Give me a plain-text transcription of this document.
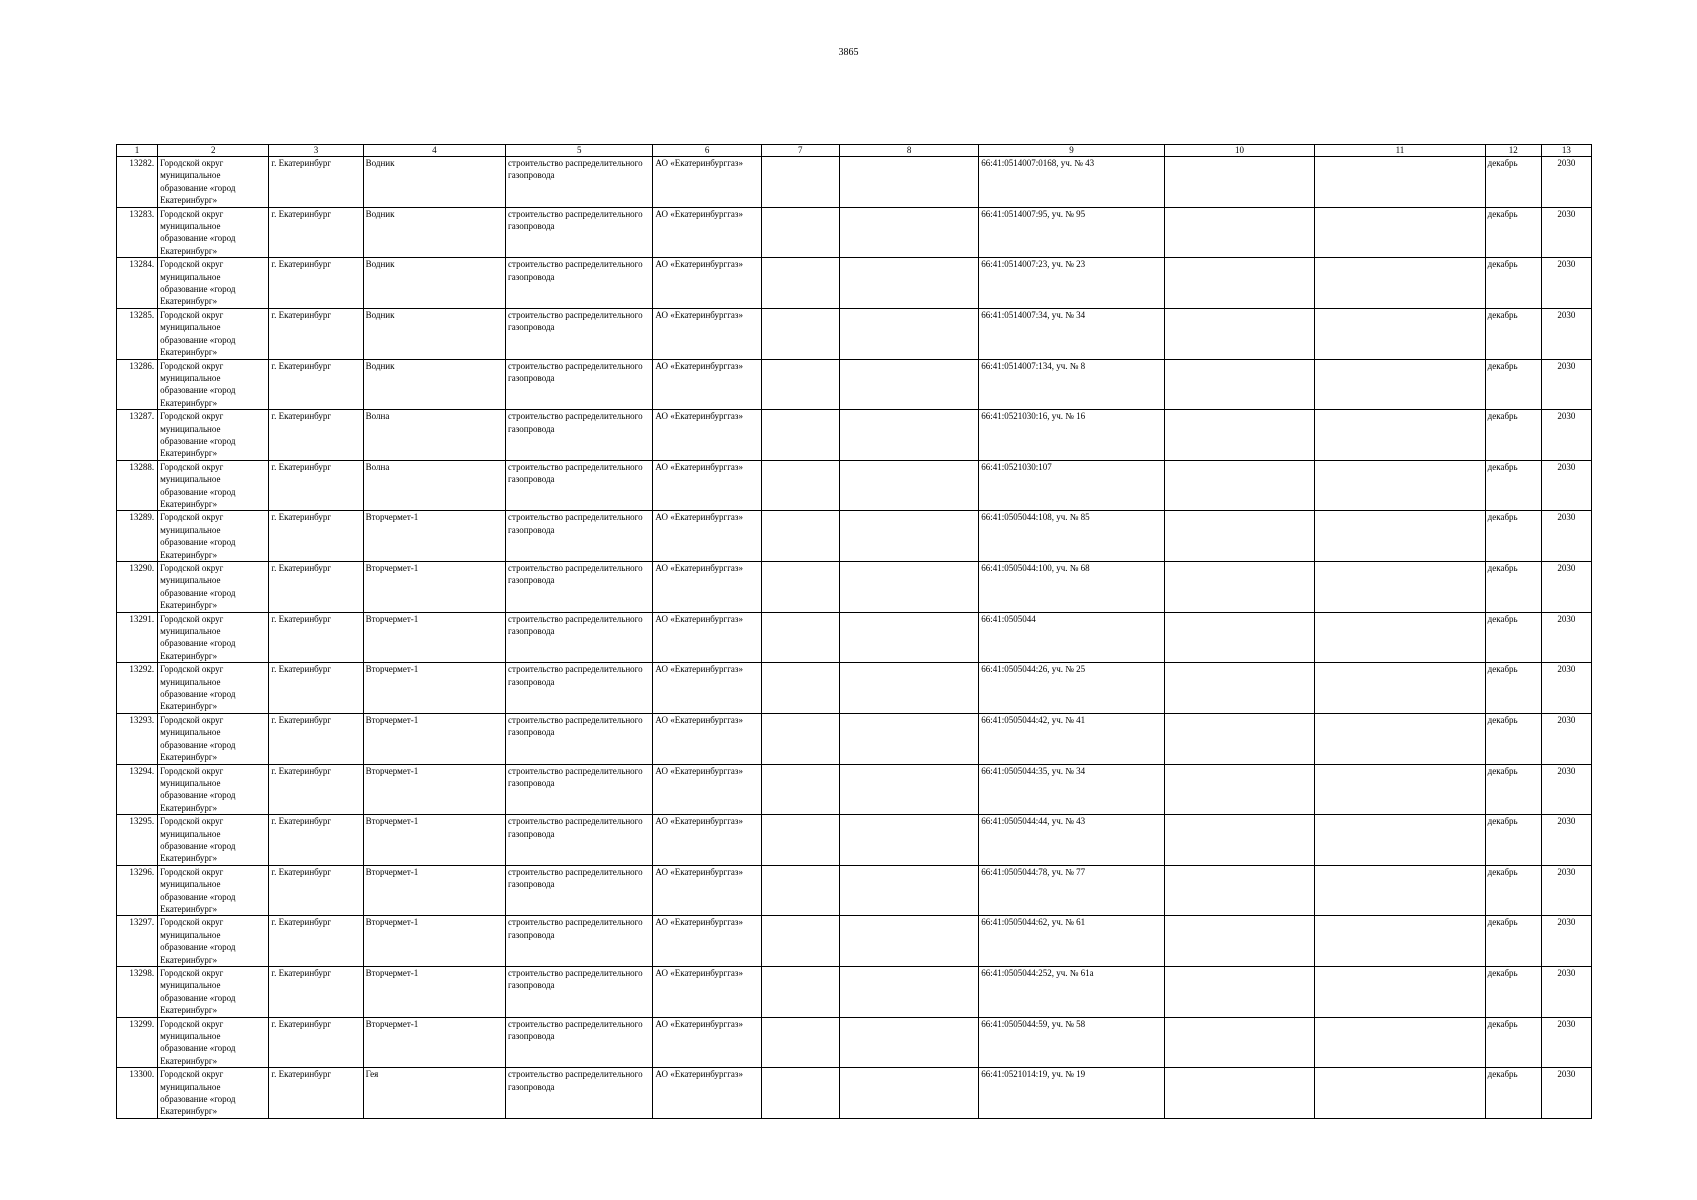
3865
1	2	3	4	5	6	7	8	9	10	11	12	13
13282.	Городской округ муниципальное образование «город Екатеринбург»	г. Екатеринбург	Водник	строительство распределительного газопровода	АО «Екатеринбурггаз»			66:41:0514007:0168, уч. № 43			декабрь	2030
13283.	Городской округ муниципальное образование «город Екатеринбург»	г. Екатеринбург	Водник	строительство распределительного газопровода	АО «Екатеринбурггаз»			66:41:0514007:95, уч. № 95			декабрь	2030
13284.	Городской округ муниципальное образование «город Екатеринбург»	г. Екатеринбург	Водник	строительство распределительного газопровода	АО «Екатеринбурггаз»			66:41:0514007:23, уч. № 23			декабрь	2030
13285.	Городской округ муниципальное образование «город Екатеринбург»	г. Екатеринбург	Водник	строительство распределительного газопровода	АО «Екатеринбурггаз»			66:41:0514007:34, уч. № 34			декабрь	2030
13286.	Городской округ муниципальное образование «город Екатеринбург»	г. Екатеринбург	Водник	строительство распределительного газопровода	АО «Екатеринбурггаз»			66:41:0514007:134, уч. № 8			декабрь	2030
13287.	Городской округ муниципальное образование «город Екатеринбург»	г. Екатеринбург	Волна	строительство распределительного газопровода	АО «Екатеринбурггаз»			66:41:0521030:16, уч. № 16			декабрь	2030
13288.	Городской округ муниципальное образование «город Екатеринбург»	г. Екатеринбург	Волна	строительство распределительного газопровода	АО «Екатеринбурггаз»			66:41:0521030:107			декабрь	2030
13289.	Городской округ муниципальное образование «город Екатеринбург»	г. Екатеринбург	Вторчермет-1	строительство распределительного газопровода	АО «Екатеринбурггаз»			66:41:0505044:108, уч. № 85			декабрь	2030
13290.	Городской округ муниципальное образование «город Екатеринбург»	г. Екатеринбург	Вторчермет-1	строительство распределительного газопровода	АО «Екатеринбурггаз»			66:41:0505044:100, уч. № 68			декабрь	2030
13291.	Городской округ муниципальное образование «город Екатеринбург»	г. Екатеринбург	Вторчермет-1	строительство распределительного газопровода	АО «Екатеринбурггаз»			66:41:0505044			декабрь	2030
13292.	Городской округ муниципальное образование «город Екатеринбург»	г. Екатеринбург	Вторчермет-1	строительство распределительного газопровода	АО «Екатеринбурггаз»			66:41:0505044:26, уч. № 25			декабрь	2030
13293.	Городской округ муниципальное образование «город Екатеринбург»	г. Екатеринбург	Вторчермет-1	строительство распределительного газопровода	АО «Екатеринбурггаз»			66:41:0505044:42, уч. № 41			декабрь	2030
13294.	Городской округ муниципальное образование «город Екатеринбург»	г. Екатеринбург	Вторчермет-1	строительство распределительного газопровода	АО «Екатеринбурггаз»			66:41:0505044:35, уч. № 34			декабрь	2030
13295.	Городской округ муниципальное образование «город Екатеринбург»	г. Екатеринбург	Вторчермет-1	строительство распределительного газопровода	АО «Екатеринбурггаз»			66:41:0505044:44, уч. № 43			декабрь	2030
13296.	Городской округ муниципальное образование «город Екатеринбург»	г. Екатеринбург	Вторчермет-1	строительство распределительного газопровода	АО «Екатеринбурггаз»			66:41:0505044:78, уч. № 77			декабрь	2030
13297.	Городской округ муниципальное образование «город Екатеринбург»	г. Екатеринбург	Вторчермет-1	строительство распределительного газопровода	АО «Екатеринбурггаз»			66:41:0505044:62, уч. № 61			декабрь	2030
13298.	Городской округ муниципальное образование «город Екатеринбург»	г. Екатеринбург	Вторчермет-1	строительство распределительного газопровода	АО «Екатеринбурггаз»			66:41:0505044:252, уч. № 61а			декабрь	2030
13299.	Городской округ муниципальное образование «город Екатеринбург»	г. Екатеринбург	Вторчермет-1	строительство распределительного газопровода	АО «Екатеринбурггаз»			66:41:0505044:59, уч. № 58			декабрь	2030
13300.	Городской округ муниципальное образование «город Екатеринбург»	г. Екатеринбург	Гея	строительство распределительного газопровода	АО «Екатеринбурггаз»			66:41:0521014:19, уч. № 19			декабрь	2030
